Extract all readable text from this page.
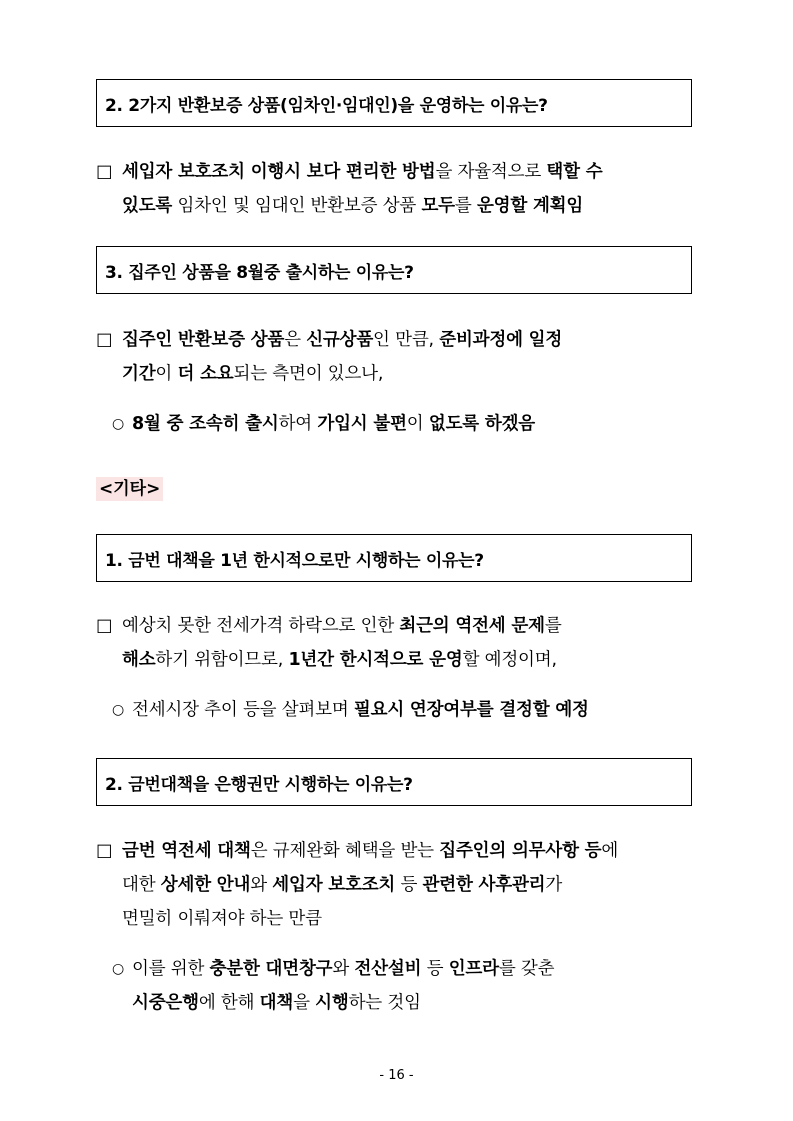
2. 2가지 반환보증 상품(임차인·임대인)을 운영하는 이유는?
□ 세입자 보호조치 이행시 보다 편리한 방법을 자율적으로 택할 수
있도록 임차인 및 임대인 반환보증 상품 모두를 운영할 계획임
3. 집주인 상품을 8월중 출시하는 이유는?
□ 집주인 반환보증 상품은 신규상품인 만큼, 준비과정에 일정
기간이 더 소요되는 측면이 있으나,
○ 8월 중 조속히 출시하여 가입시 불편이 없도록 하겠음
<기타>
1. 금번 대책을 1년 한시적으로만 시행하는 이유는?
□ 예상치 못한 전세가격 하락으로 인한 최근의 역전세 문제를
해소하기 위함이므로, 1년간 한시적으로 운영할 예정이며,
○ 전세시장 추이 등을 살펴보며 필요시 연장여부를 결정할 예정
2. 금번대책을 은행권만 시행하는 이유는?
□ 금번 역전세 대책은 규제완화 혜택을 받는 집주인의 의무사항 등에
대한 상세한 안내와 세입자 보호조치 등 관련한 사후관리가
면밀히 이뤄져야 하는 만큼
○ 이를 위한 충분한 대면창구와 전산설비 등 인프라를 갖춘
시중은행에 한해 대책을 시행하는 것임
- 16 -
